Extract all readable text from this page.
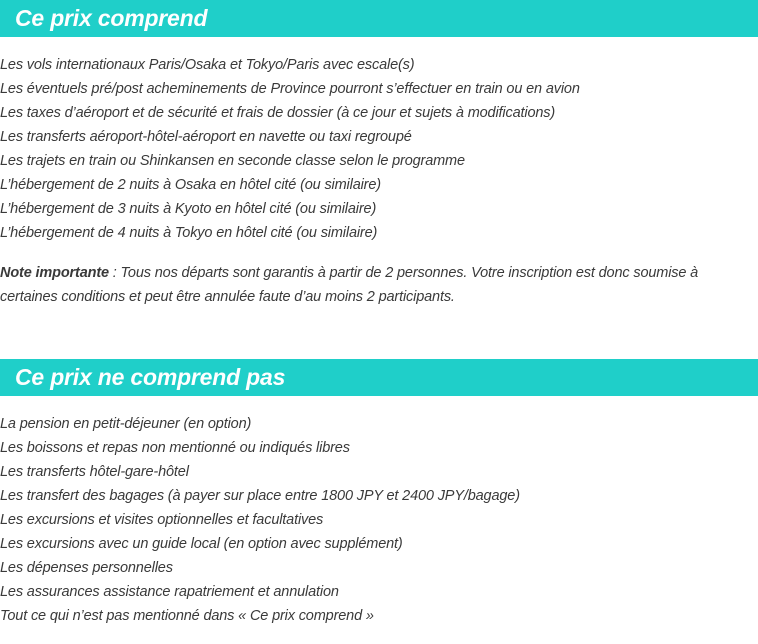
Ce prix comprend
Les vols internationaux Paris/Osaka et Tokyo/Paris avec escale(s)
Les éventuels pré/post acheminements de Province pourront s’effectuer en train ou en avion
Les taxes d’aéroport et de sécurité et frais de dossier (à ce jour et sujets à modifications)
Les transferts aéroport-hôtel-aéroport en navette ou taxi regroupé
Les trajets en train ou Shinkansen en seconde classe selon le programme
L’hébergement de 2 nuits à Osaka en hôtel cité (ou similaire)
L’hébergement de 3 nuits à Kyoto en hôtel cité (ou similaire)
L’hébergement de 4 nuits à Tokyo en hôtel cité (ou similaire)

Note importante : Tous nos départs sont garantis à partir de 2 personnes. Votre inscription est donc soumise à certaines conditions et peut être annulée faute d’au moins 2 participants.

Ce prix ne comprend pas
La pension en petit-déjeuner (en option)
Les boissons et repas non mentionné ou indiqués libres
Les transferts hôtel-gare-hôtel
Les transfert des bagages (à payer sur place entre 1800 JPY et 2400 JPY/bagage)
Les excursions et visites optionnelles et facultatives
Les excursions avec un guide local (en option avec supplément)
Les dépenses personnelles
Les assurances assistance rapatriement et annulation
Tout ce qui n’est pas mentionné dans « Ce prix comprend »
